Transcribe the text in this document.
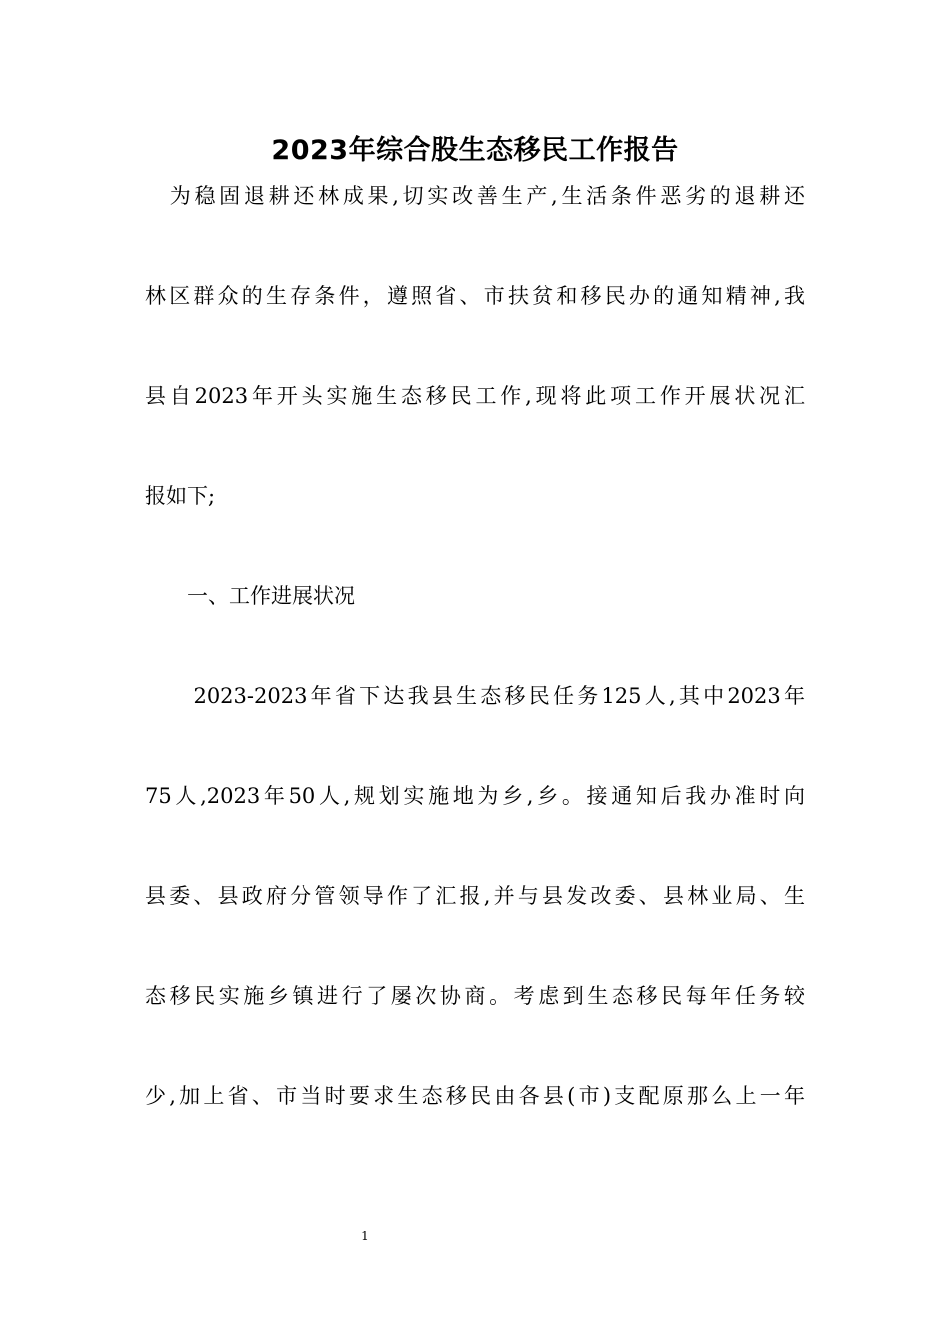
2023年综合股生态移民工作报告
　为稳固退耕还林成果,切实改善生产,生活条件恶劣的退耕还
林区群众的生存条件，遵照省、市扶贫和移民办的通知精神,我
县自2023年开头实施生态移民工作,现将此项工作开展状况汇
报如下;
　　一、工作进展状况
　　2023-2023年省下达我县生态移民任务125人,其中2023年
75人,2023年50人,规划实施地为乡,乡。接通知后我办准时向
县委、县政府分管领导作了汇报,并与县发改委、县林业局、生
态移民实施乡镇进行了屡次协商。考虑到生态移民每年任务较
少,加上省、市当时要求生态移民由各县(市)支配原那么上一年
1
